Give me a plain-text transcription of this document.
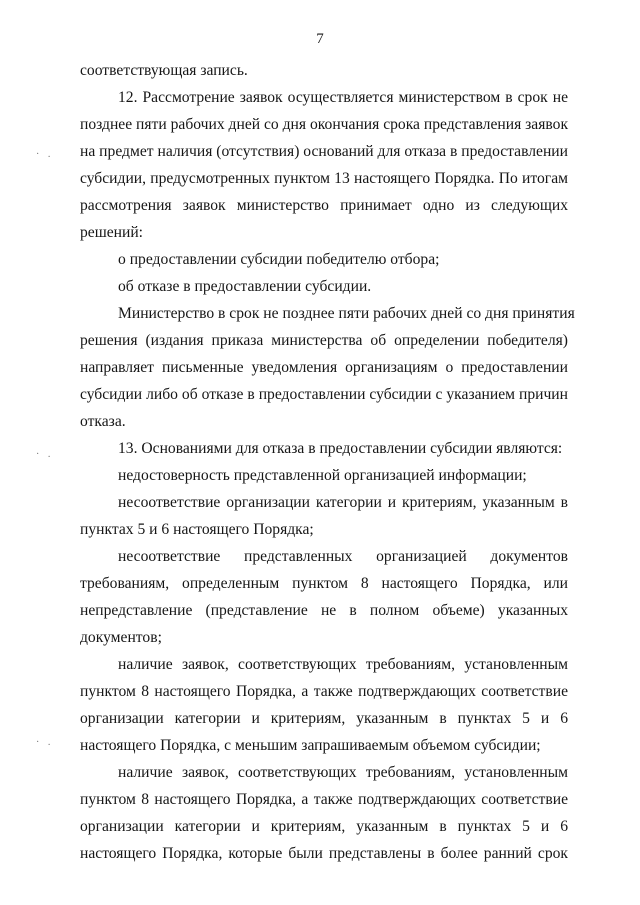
7
· .
· .
· .
соответствующая запись.
12. Рассмотрение заявок осуществляется министерством в срок не
позднее пяти рабочих дней со дня окончания срока представления заявок
на предмет наличия (отсутствия) оснований для отказа в предоставлении
субсидии, предусмотренных пунктом 13 настоящего Порядка. По итогам
рассмотрения заявок министерство принимает одно из следующих
решений:
о предоставлении субсидии победителю отбора;
об отказе в предоставлении субсидии.
Министерство в срок не позднее пяти рабочих дней со дня принятия
решения (издания приказа министерства об определении победителя)
направляет письменные уведомления организациям о предоставлении
субсидии либо об отказе в предоставлении субсидии с указанием причин
отказа.
13. Основаниями для отказа в предоставлении субсидии являются:
недостоверность представленной организацией информации;
несоответствие организации категории и критериям, указанным в
пунктах 5 и 6 настоящего Порядка;
несоответствие представленных организацией документов
требованиям, определенным пунктом 8 настоящего Порядка, или
непредставление (представление не в полном объеме) указанных
документов;
наличие заявок, соответствующих требованиям, установленным
пунктом 8 настоящего Порядка, а также подтверждающих соответствие
организации категории и критериям, указанным в пунктах 5 и 6
настоящего Порядка, с меньшим запрашиваемым объемом субсидии;
наличие заявок, соответствующих требованиям, установленным
пунктом 8 настоящего Порядка, а также подтверждающих соответствие
организации категории и критериям, указанным в пунктах 5 и 6
настоящего Порядка, которые были представлены в более ранний срок
